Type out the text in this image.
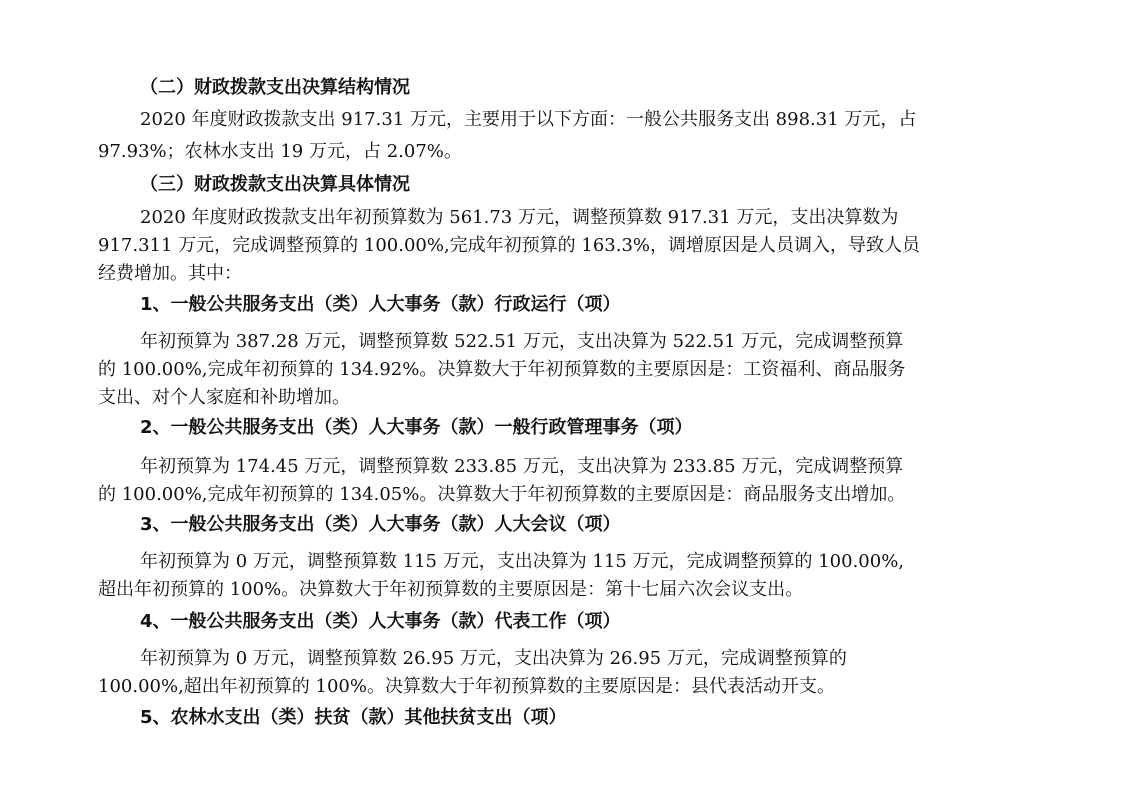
（二）财政拨款支出决算结构情况
2020 年度财政拨款支出 917.31 万元，主要用于以下方面：一般公共服务支出 898.31 万元，占
97.93%；农林水支出 19 万元，占 2.07%。
（三）财政拨款支出决算具体情况
2020 年度财政拨款支出年初预算数为 561.73 万元，调整预算数 917.31 万元，支出决算数为
917.311 万元，完成调整预算的 100.00%,完成年初预算的 163.3%，调增原因是人员调入，导致人员
经费增加。其中：
1、一般公共服务支出（类）人大事务（款）行政运行（项）
年初预算为 387.28 万元，调整预算数 522.51 万元，支出决算为 522.51 万元，完成调整预算
的 100.00%,完成年初预算的 134.92%。决算数大于年初预算数的主要原因是：工资福利、商品服务
支出、对个人家庭和补助增加。
2、一般公共服务支出（类）人大事务（款）一般行政管理事务（项）
年初预算为 174.45 万元，调整预算数 233.85 万元，支出决算为 233.85 万元，完成调整预算
的 100.00%,完成年初预算的 134.05%。决算数大于年初预算数的主要原因是：商品服务支出增加。
3、一般公共服务支出（类）人大事务（款）人大会议（项）
年初预算为 0 万元，调整预算数 115 万元，支出决算为 115 万元，完成调整预算的 100.00%,
超出年初预算的 100%。决算数大于年初预算数的主要原因是：第十七届六次会议支出。
4、一般公共服务支出（类）人大事务（款）代表工作（项）
年初预算为 0 万元，调整预算数 26.95 万元，支出决算为 26.95 万元，完成调整预算的
100.00%,超出年初预算的 100%。决算数大于年初预算数的主要原因是：县代表活动开支。
5、农林水支出（类）扶贫（款）其他扶贫支出（项）
